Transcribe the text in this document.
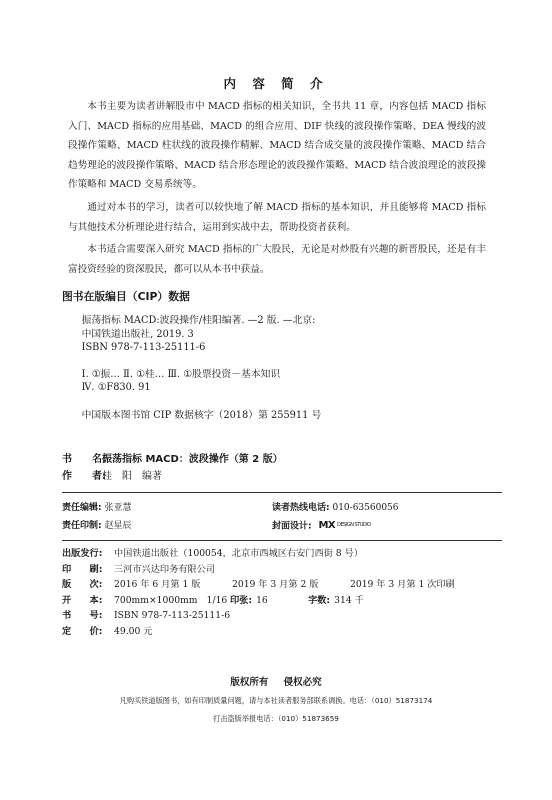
内 容 简 介

本书主要为读者讲解股市中 MACD 指标的相关知识，全书共 11 章，内容包括 MACD 指标入门、MACD 指标的应用基础、MACD 的组合应用、DIF 快线的波段操作策略、DEA 慢线的波段操作策略、MACD 柱状线的波段操作精解、MACD 结合成交量的波段操作策略、MACD 结合趋势理论的波段操作策略、MACD 结合形态理论的波段操作策略、MACD 结合波浪理论的波段操作策略和 MACD 交易系统等。

通过对本书的学习，读者可以较快地了解 MACD 指标的基本知识，并且能够将 MACD 指标与其他技术分析理论进行结合，运用到实战中去，帮助投资者获利。

本书适合需要深入研究 MACD 指标的广大股民，无论是对炒股有兴趣的新晋股民，还是有丰富投资经验的资深股民，都可以从本书中获益。

图书在版编目（CIP）数据
振荡指标 MACD:波段操作/桂阳编著. —2 版. —北京:
中国铁道出版社, 2019. 3
ISBN 978-7-113-25111-6
Ⅰ. ①振… Ⅱ. ①桂… Ⅲ. ①股票投资－基本知识
Ⅳ. ①F830. 91
中国版本图书馆 CIP 数据核字（2018）第 255911 号
书　　名:
振荡指标 MACD：波段操作（第 2 版）
作　　者:
桂　阳　编著
责任编辑: 张亚慧	读者热线电话: 010-63560056
责任印制: 赵星辰	封面设计: MX DESIGN STUDIO
出版发行:	中国铁道出版社（100054，北京市西城区右安门西街 8 号）
印　　刷:	三河市兴达印务有限公司
版　　次:	2016 年 6 月第 1 版	2019 年 3 月第 2 版	2019 年 3 月第 1 次印刷
开　　本:	700mm×1000mm　1/16 印张: 16	字数: 314 千
书　　号:	ISBN 978-7-113-25111-6
定　　价:	49.00 元
版权所有 侵权必究
凡购买铁道版图书，如有印制质量问题，请与本社读者服务部联系调换。电话：（010）51873174
打击盗版举报电话：（010）51873659
